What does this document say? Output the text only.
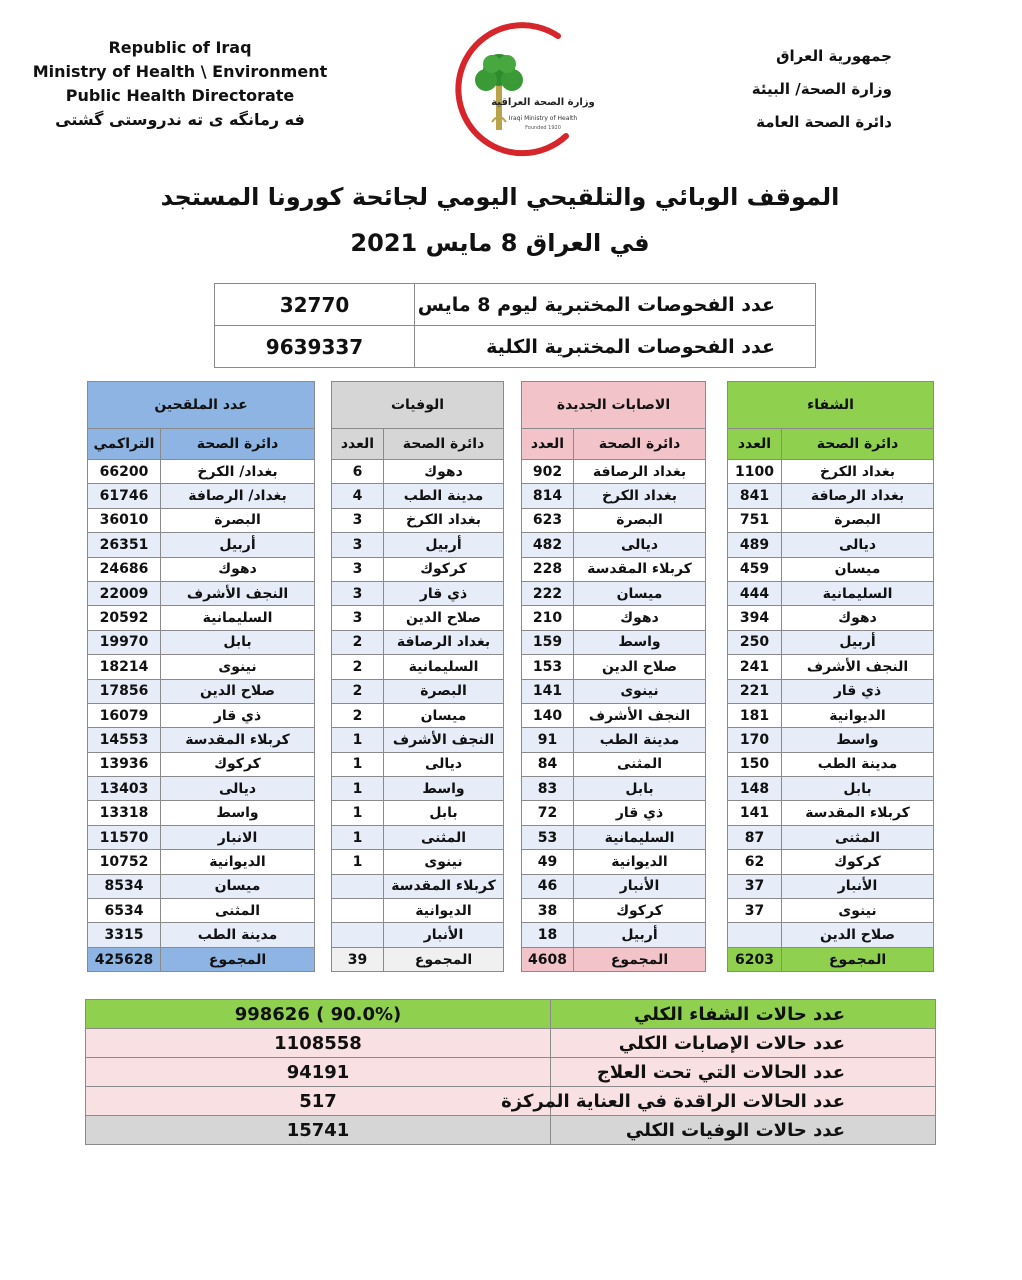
Republic of Iraq
Ministry of Health \ Environment
Public Health Directorate
فه رمانگه ی ته ندروستی گشتی
وزارة الصحة العراقية
Iraqi Ministry of Health
Founded 1920
جمهورية العراق
وزارة الصحة/ البيئة
دائرة الصحة العامة
الموقف الوبائي والتلقيحي اليومي لجائحة كورونا المستجد
في العراق 8 مايس 2021
32770	عدد الفحوصات المختبرية ليوم 8 مايس
9639337	عدد الفحوصات المختبرية الكلية
الشفاء	
العدد	دائرة الصحة
1100	بغداد الكرخ
841	بغداد الرصافة
751	البصرة
489	ديالى
459	ميسان
444	السليمانية
394	دهوك
250	أربيل
241	النجف الأشرف
221	ذي قار
181	الديوانية
170	واسط
150	مدينة الطب
148	بابل
141	كربلاء المقدسة
87	المثنى
62	كركوك
37	الأنبار
37	نينوى
	صلاح الدين
6203	المجموع
الاصابات الجديدة	
العدد	دائرة الصحة
902	بغداد الرصافة
814	بغداد الكرخ
623	البصرة
482	ديالى
228	كربلاء المقدسة
222	ميسان
210	دهوك
159	واسط
153	صلاح الدين
141	نينوى
140	النجف الأشرف
91	مدينة الطب
84	المثنى
83	بابل
72	ذي قار
53	السليمانية
49	الديوانية
46	الأنبار
38	كركوك
18	أربيل
4608	المجموع
الوفيات	
العدد	دائرة الصحة
6	دهوك
4	مدينة الطب
3	بغداد الكرخ
3	أربيل
3	كركوك
3	ذي قار
3	صلاح الدين
2	بغداد الرصافة
2	السليمانية
2	البصرة
2	ميسان
1	النجف الأشرف
1	ديالى
1	واسط
1	بابل
1	المثنى
1	نينوى
	كربلاء المقدسة
	الديوانية
	الأنبار
39	المجموع
عدد الملقحين	
التراكمي	دائرة الصحة
66200	بغداد/ الكرخ
61746	بغداد/ الرصافة
36010	البصرة
26351	أربيل
24686	دهوك
22009	النجف الأشرف
20592	السليمانية
19970	بابل
18214	نينوى
17856	صلاح الدين
16079	ذي قار
14553	كربلاء المقدسة
13936	كركوك
13403	ديالى
13318	واسط
11570	الانبار
10752	الديوانية
8534	ميسان
6534	المثنى
3315	مدينة الطب
425628	المجموع
998626 ( 90.0%)	عدد حالات الشفاء الكلي
1108558	عدد حالات الإصابات الكلي
94191	عدد الحالات التي تحت العلاج
517	عدد الحالات الراقدة في العناية المركزة
15741	عدد حالات الوفيات الكلي
